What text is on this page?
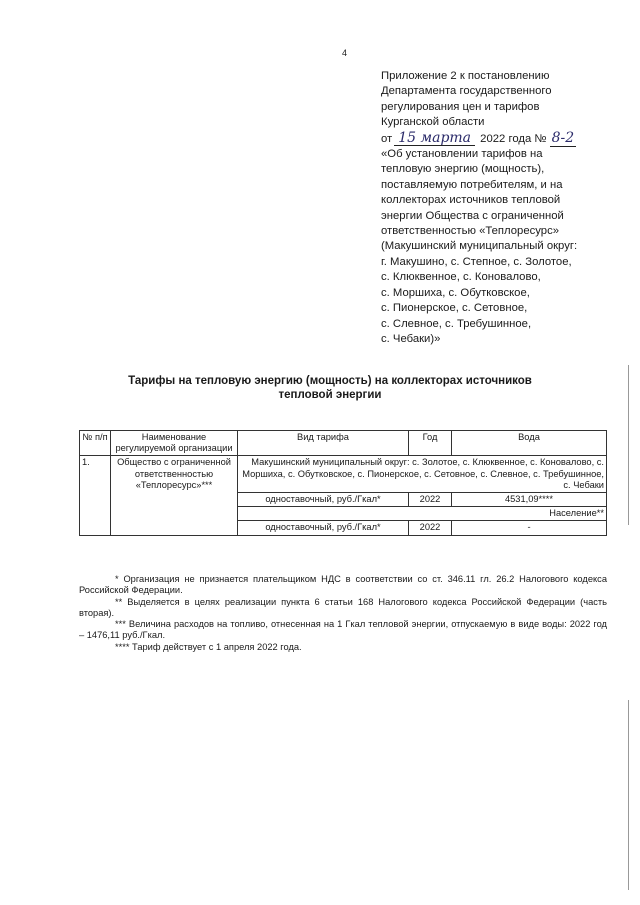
4
Приложение 2 к постановлению
Департамента государственного
регулирования цен и тарифов
Курганской области
от 15 марта 2022 года № 8-2
«Об установлении тарифов на
тепловую энергию (мощность),
поставляемую потребителям, и на
коллекторах источников тепловой
энергии Общества с ограниченной
ответственностью «Теплоресурс»
(Макушинский муниципальный округ:
г. Макушино, с. Степное, с. Золотое,
с. Клюквенное, с. Коновалово,
с. Моршиха, с. Обутковское,
с. Пионерское, с. Сетовное,
с. Слевное, с. Требушинное,
с. Чебаки)»
Тарифы на тепловую энергию (мощность) на коллекторах источников
тепловой энергии
№ п/п	Наименование регулируемой организации	Вид тарифа	Год	Вода
1.	Общество с ограниченной ответственностью «Теплоресурс»***	Макушинский муниципальный округ: с. Золотое, с. Клюквенное, с. Коновалово, с. Моршиха, с. Обутковское, с. Пионерское, с. Сетовное, с. Слевное, с. Требушинное, с. Чебаки		
		одноставочный, руб./Гкал*	2022	4531,09****
		Население**		
		одноставочный, руб./Гкал*	2022	-

* Организация не признается плательщиком НДС в соответствии со ст. 346.11 гл. 26.2 Налогового кодекса Российской Федерации.

** Выделяется в целях реализации пункта 6 статьи 168 Налогового кодекса Российской Федерации (часть вторая).

*** Величина расходов на топливо, отнесенная на 1 Гкал тепловой энергии, отпускаемую в виде воды: 2022 год – 1476,11 руб./Гкал.

**** Тариф действует с 1 апреля 2022 года.
